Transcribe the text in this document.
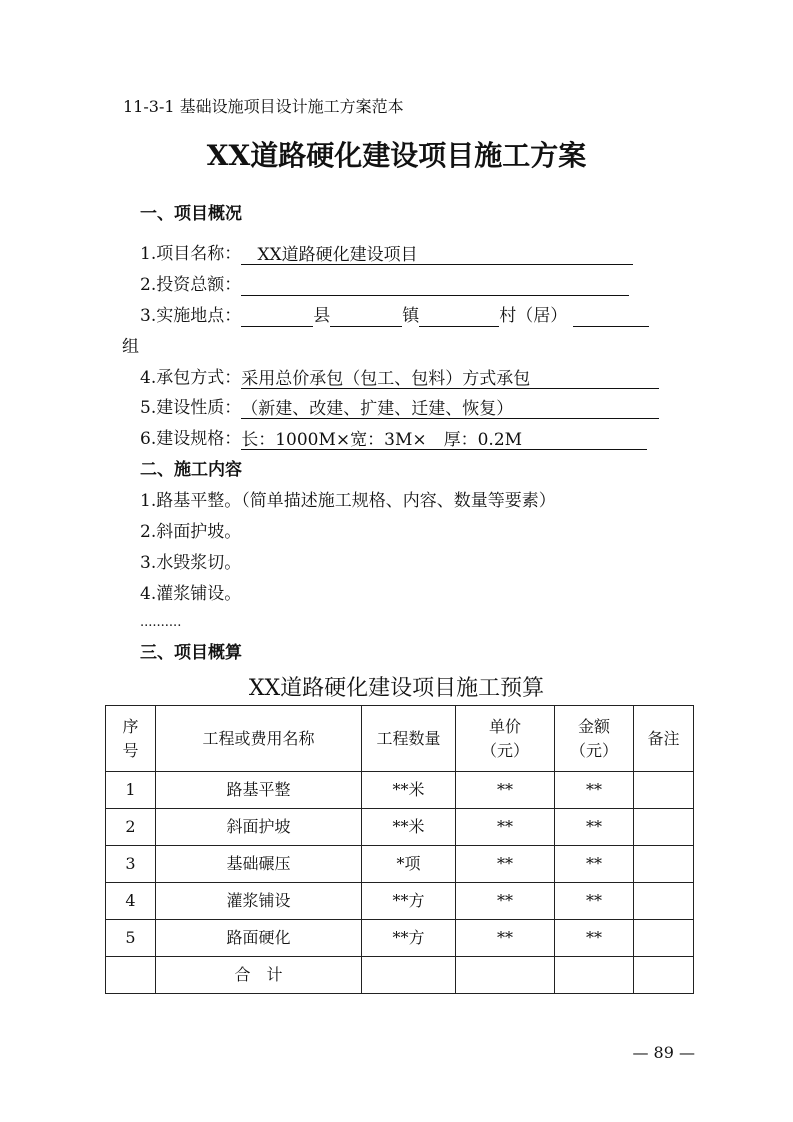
11-3-1 基础设施项目设计施工方案范本
XX道路硬化建设项目施工方案
一、项目概况
1.项目名称： XX道路硬化建设项目
2.投资总额：
3.实施地点：	县	镇	村（居）
组
4.承包方式：采用总价承包（包工、包料）方式承包
5.建设性质：（新建、改建、扩建、迁建、恢复）
6.建设规格：长：1000M×宽：3M×　厚：0.2M
二、施工内容
1.路基平整。（简单描述施工规格、内容、数量等要素）
2.斜面护坡。
3.水毁浆切。
4.灌浆铺设。
..........
三、项目概算
XX道路硬化建设项目施工预算
序号	工程或费用名称	工程数量	单价（元）	金额（元）	备注
1	路基平整	**米	**	**	
2	斜面护坡	**米	**	**	
3	基础碾压	*项	**	**	
4	灌浆铺设	**方	**	**	
5	路面硬化	**方	**	**	
	合　计				
— 89 —
